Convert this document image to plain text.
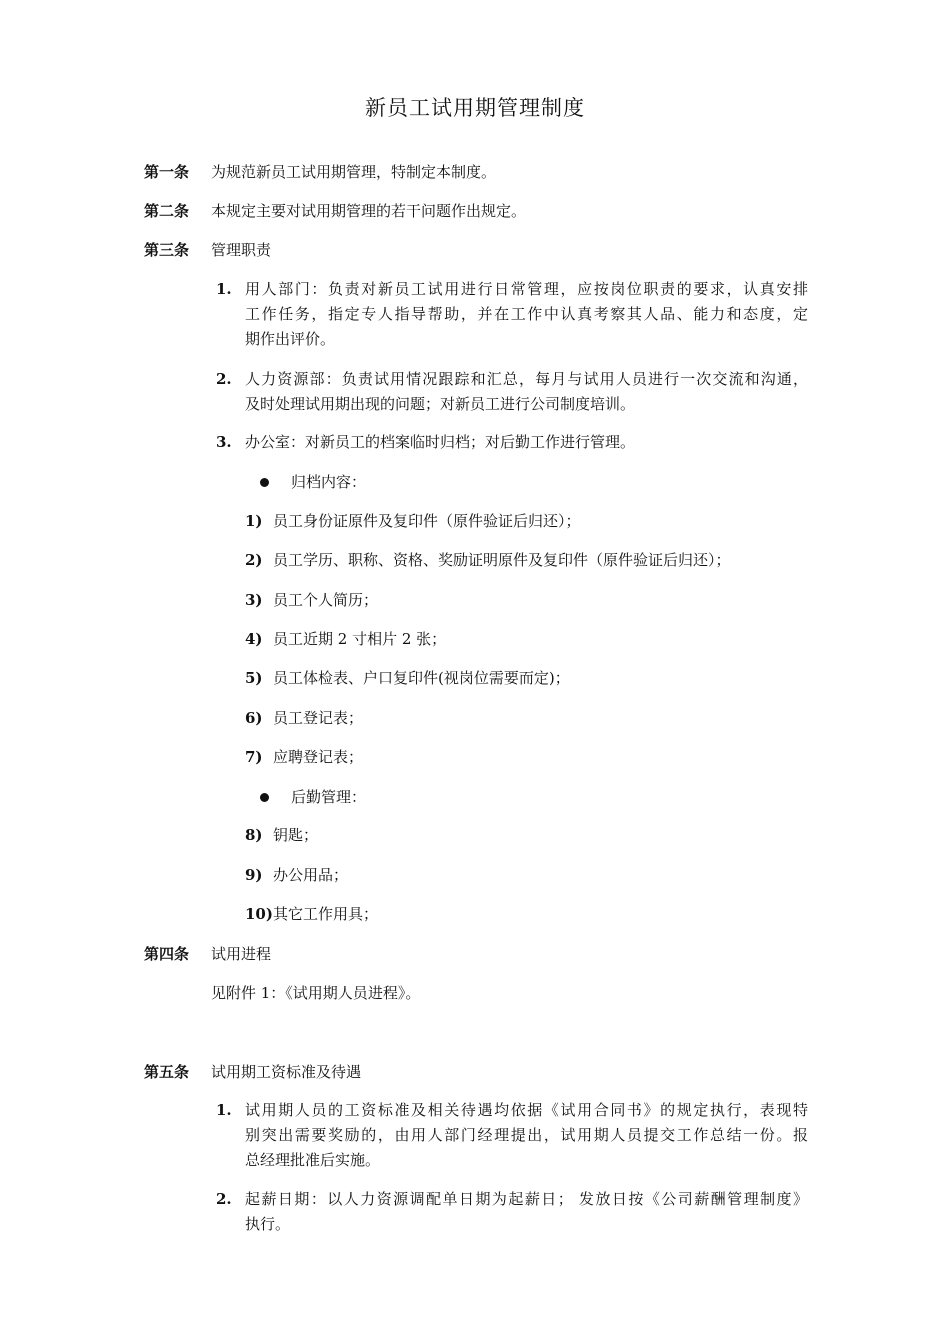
新员工试用期管理制度
第一条	为规范新员工试用期管理，特制定本制度。
第二条	本规定主要对试用期管理的若干问题作出规定。
第三条	管理职责
1. 用人部门：负责对新员工试用进行日常管理，应按岗位职责的要求，认真安排
工作任务，指定专人指导帮助，并在工作中认真考察其人品、能力和态度，定
期作出评价。
2. 人力资源部：负责试用情况跟踪和汇总，每月与试用人员进行一次交流和沟通，
及时处理试用期出现的问题；对新员工进行公司制度培训。
3. 办公室：对新员工的档案临时归档；对后勤工作进行管理。
归档内容：
1) 员工身份证原件及复印件（原件验证后归还）；
2) 员工学历、职称、资格、奖励证明原件及复印件（原件验证后归还）；
3) 员工个人简历；
4) 员工近期 2 寸相片 2 张；
5) 员工体检表、户口复印件(视岗位需要而定)；
6) 员工登记表；
7) 应聘登记表；
后勤管理：
8) 钥匙；
9) 办公用品；
10) 其它工作用具；
第四条	试用进程
见附件 1：《试用期人员进程》。
第五条	试用期工资标准及待遇
1. 试用期人员的工资标准及相关待遇均依据《试用合同书》的规定执行，表现特
别突出需要奖励的，由用人部门经理提出，试用期人员提交工作总结一份。报
总经理批准后实施。
2. 起薪日期：以人力资源调配单日期为起薪日； 发放日按《公司薪酬管理制度》
执行。
